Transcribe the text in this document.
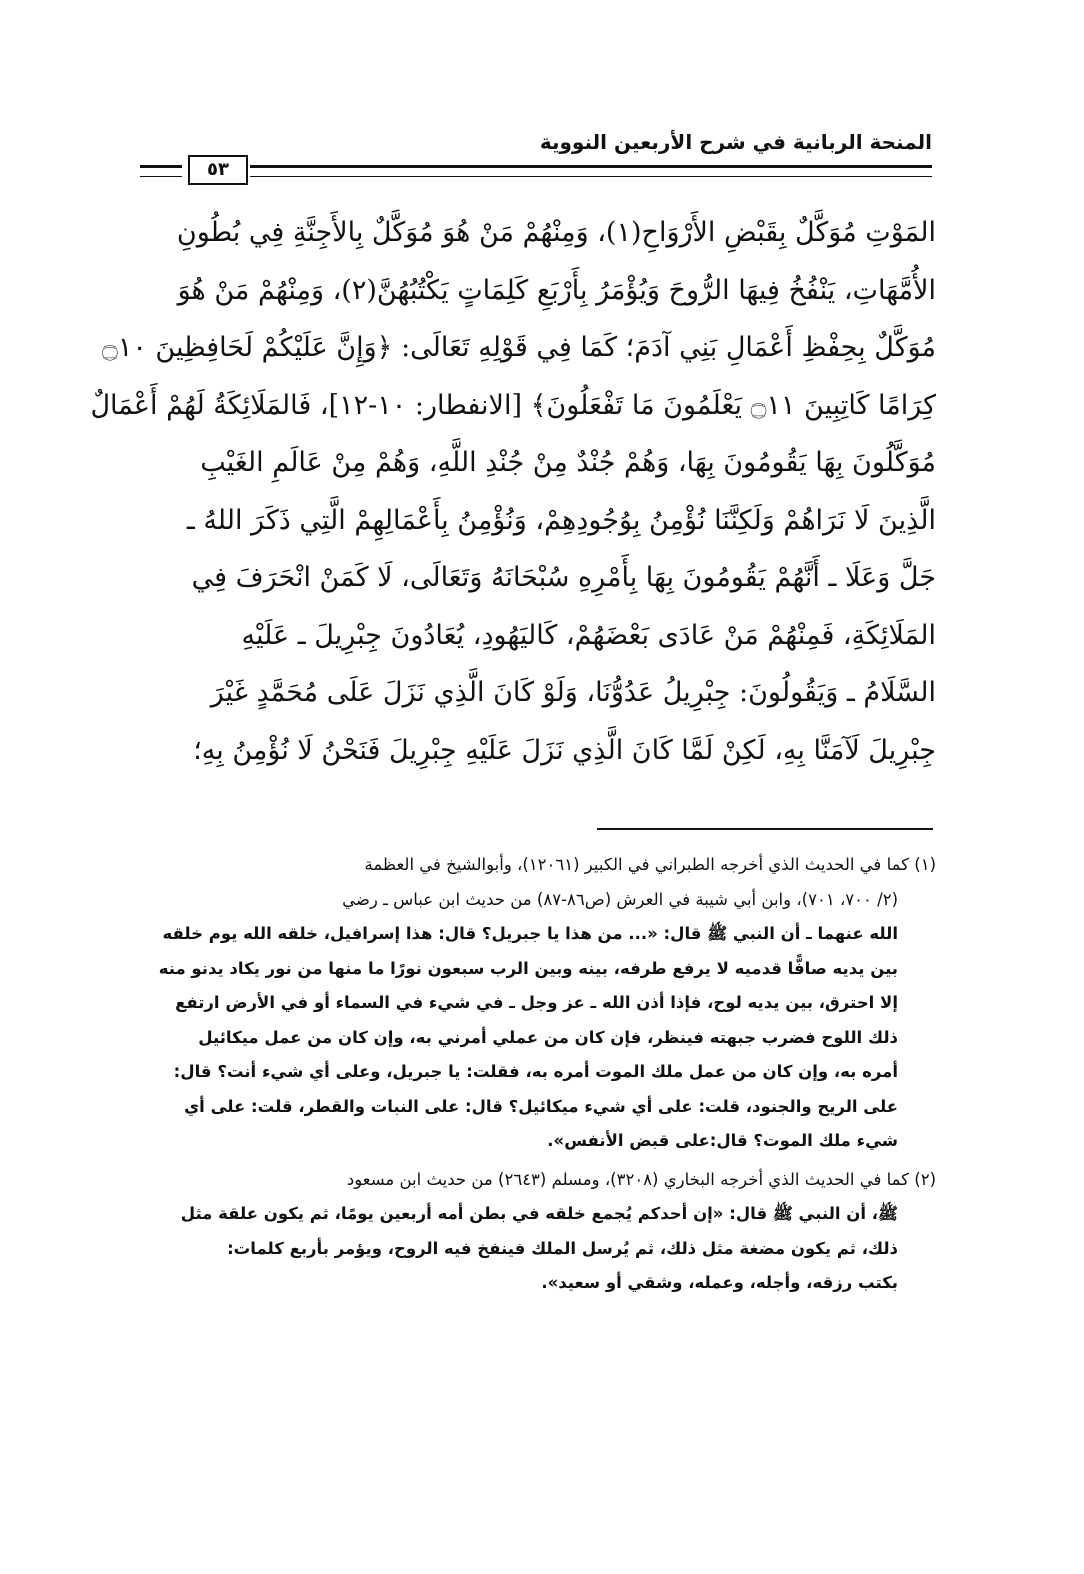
المنحة الربانية في شرح الأربعين النووية
٥٣
المَوْتِ مُوَكَّلٌ بِقَبْضِ الأَرْوَاحِ(١)، وَمِنْهُمْ مَنْ هُوَ مُوَكَّلٌ بِالأَجِنَّةِ فِي بُطُونِ
الأُمَّهَاتِ، يَنْفُخُ فِيهَا الرُّوحَ وَيُؤْمَرُ بِأَرْبَعِ كَلِمَاتٍ يَكْتُبُهُنَّ(٢)، وَمِنْهُمْ مَنْ هُوَ
مُوَكَّلٌ بِحِفْظِ أَعْمَالِ بَنِي آدَمَ؛ كَمَا فِي قَوْلِهِ تَعَالَى: ﴿وَإِنَّ عَلَيْكُمْ لَحَافِظِينَ ۝١٠
كِرَامًا كَاتِبِينَ ۝١١ يَعْلَمُونَ مَا تَفْعَلُونَ﴾ [الانفطار: ١٠-١٢]، فَالمَلَائِكَةُ لَهُمْ أَعْمَالٌ
مُوَكَّلُونَ بِهَا يَقُومُونَ بِهَا، وَهُمْ جُنْدٌ مِنْ جُنْدِ اللَّهِ، وَهُمْ مِنْ عَالَمِ الغَيْبِ
الَّذِينَ لَا نَرَاهُمْ وَلَكِنَّنَا نُؤْمِنُ بِوُجُودِهِمْ، وَنُؤْمِنُ بِأَعْمَالِهِمْ الَّتِي ذَكَرَ اللهُ ـ
جَلَّ وَعَلَا ـ أَنَّهُمْ يَقُومُونَ بِهَا بِأَمْرِهِ سُبْحَانَهُ وَتَعَالَى، لَا كَمَنْ انْحَرَفَ فِي
المَلَائِكَةِ، فَمِنْهُمْ مَنْ عَادَى بَعْضَهُمْ، كَاليَهُودِ، يُعَادُونَ جِبْرِيلَ ـ عَلَيْهِ
السَّلَامُ ـ وَيَقُولُونَ: جِبْرِيلُ عَدُوُّنَا، وَلَوْ كَانَ الَّذِي نَزَلَ عَلَى مُحَمَّدٍ غَيْرَ
جِبْرِيلَ لَآمَنَّا بِهِ، لَكِنْ لَمَّا كَانَ الَّذِي نَزَلَ عَلَيْهِ جِبْرِيلَ فَنَحْنُ لَا نُؤْمِنُ بِهِ؛
(١) كما في الحديث الذي أخرجه الطبراني في الكبير (١٢٠٦١)، وأبوالشيخ في العظمة
(٢/ ٧٠٠، ٧٠١)، وابن أبي شيبة في العرش (ص٨٦-٨٧) من حديث ابن عباس ـ رضي
الله عنهما ـ أن النبي ﷺ قال: «... من هذا يا جبريل؟ قال: هذا إسرافيل، خلقه الله يوم خلقه
بين يديه صافًّا قدميه لا يرفع طرفه، بينه وبين الرب سبعون نورًا ما منها من نور يكاد يدنو منه
إلا احترق، بين يديه لوح، فإذا أذن الله ـ عز وجل ـ في شيء في السماء أو في الأرض ارتفع
ذلك اللوح فضرب جبهته فينظر، فإن كان من عملي أمرني به، وإن كان من عمل ميكائيل
أمره به، وإن كان من عمل ملك الموت أمره به، فقلت: يا جبريل، وعلى أي شيء أنت؟ قال:
على الريح والجنود، قلت: على أي شيء ميكائيل؟ قال: على النبات والقطر، قلت: على أي
شيء ملك الموت؟ قال:على قبض الأنفس».
(٢) كما في الحديث الذي أخرجه البخاري (٣٢٠٨)، ومسلم (٢٦٤٣) من حديث ابن مسعود
ﷺ، أن النبي ﷺ قال: «إن أحدكم يُجمع خلقه في بطن أمه أربعين يومًا، ثم يكون علقة مثل
ذلك، ثم يكون مضغة مثل ذلك، ثم يُرسل الملك فينفخ فيه الروح، ويؤمر بأربع كلمات:
بكتب رزقه، وأجله، وعمله، وشقي أو سعيد».
